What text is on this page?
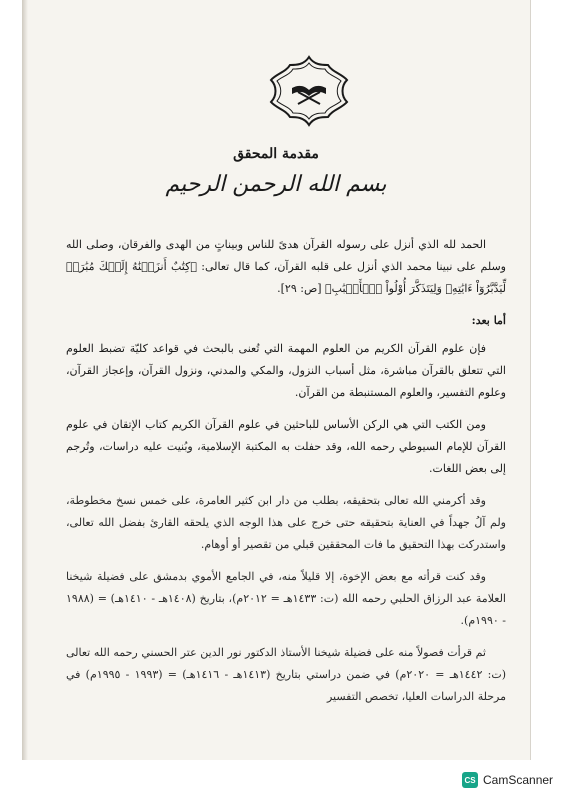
مقدمة المحقق
بسم الله الرحمن الرحيم

الحمد لله الذي أنزل على رسوله القرآن هدىً للناس وبيناتٍ من الهدى والفرقان، وصلى الله وسلم على نبينا محمد الذي أنزل على قلبه القرآن، كما قال تعالى: ﴿كِتَٰبٌ أَنزَلۡنَٰهُ إِلَيۡكَ مُبَٰرَكٞ لِّيَدَّبَّرُوٓاْ ءَايَٰتِهِۦ وَلِيَتَذَكَّرَ أُوْلُواْ ٱلۡأَلۡبَٰبِ﴾ [ص: ٢٩].

أما بعد:

فإن علوم القرآن الكريم من العلوم المهمة التي تُعنى بالبحث في قواعد كليّة تضبط العلوم التي تتعلق بالقرآن مباشرة، مثل أسباب النزول، والمكي والمدني، ونزول القرآن، وإعجاز القرآن، وعلوم التفسير، والعلوم المستنبطة من القرآن.

ومن الكتب التي هي الركن الأساس للباحثين في علوم القرآن الكريم كتاب الإتقان في علوم القرآن للإمام السيوطي رحمه الله، وقد حفلت به المكتبة الإسلامية، وبُنيت عليه دراسات، وتُرجم إلى بعض اللغات.

وقد أكرمني الله تعالى بتحقيقه، بطلب من دار ابن كثير العامرة، على خمس نسخ مخطوطة، ولم آلُ جهداً في العناية بتحقيقه حتى خرج على هذا الوجه الذي يلحقه القارئ بفضل الله تعالى، واستدركت بهذا التحقيق ما فات المحققين قبلي من تقصير أو أوهام.

وقد كنت قرأته مع بعض الإخوة، إلا قليلاً منه، في الجامع الأموي بدمشق على فضيلة شيخنا العلامة عبد الرزاق الحلبي رحمه الله (ت: ١٤٣٣هـ = ٢٠١٢م)، بتاريخ (١٤٠٨هـ - ١٤١٠هـ) = (١٩٨٨ - ١٩٩٠م).

ثم قرأت فصولاً منه على فضيلة شيخنا الأستاذ الدكتور نور الدين عتر الحسني رحمه الله تعالى (ت: ١٤٤٢هـ = ٢٠٢٠م) في ضمن دراستي بتاريخ (١٤١٣هـ - ١٤١٦هـ) = (١٩٩٣ - ١٩٩٥م) في مرحلة الدراسات العليا، تخصص التفسير

CS CamScanner
